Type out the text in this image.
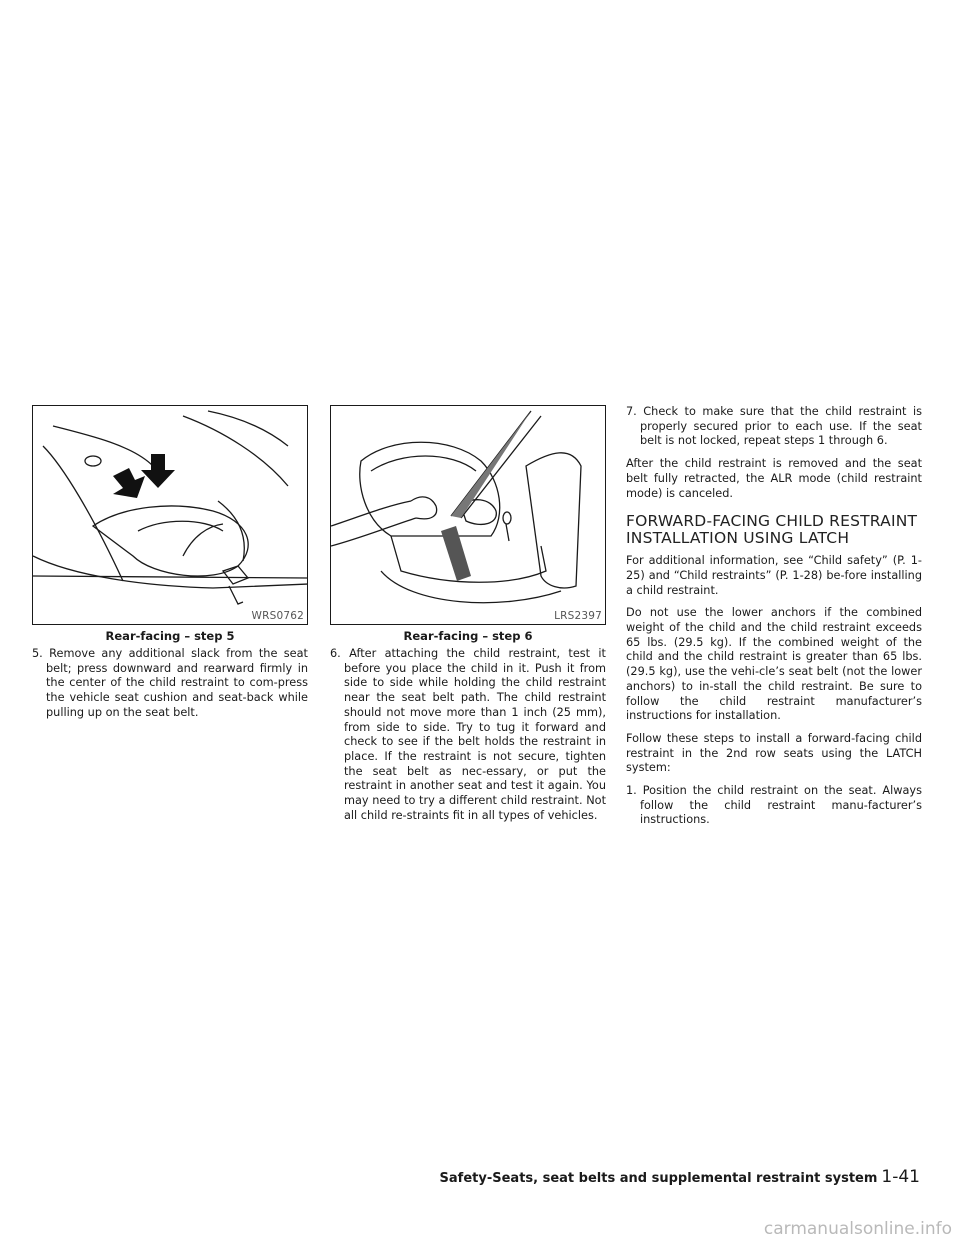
WRS0762
Rear-facing – step 5

5. Remove any additional slack from the seat belt; press downward and rearward firmly in the center of the child restraint to com-press the vehicle seat cushion and seat-back while pulling up on the seat belt.

LRS2397
Rear-facing – step 6

6. After attaching the child restraint, test it before you place the child in it. Push it from side to side while holding the child restraint near the seat belt path. The child restraint should not move more than 1 inch (25 mm), from side to side. Try to tug it forward and check to see if the belt holds the restraint in place. If the restraint is not secure, tighten the seat belt as nec-essary, or put the restraint in another seat and test it again. You may need to try a different child restraint. Not all child re-straints fit in all types of vehicles.

7. Check to make sure that the child restraint is properly secured prior to each use. If the seat belt is not locked, repeat steps 1 through 6.

After the child restraint is removed and the seat belt fully retracted, the ALR mode (child restraint mode) is canceled.

FORWARD-FACING CHILD RESTRAINT INSTALLATION USING LATCH

For additional information, see “Child safety” (P. 1-25) and “Child restraints” (P. 1-28) be-fore installing a child restraint.

Do not use the lower anchors if the combined weight of the child and the child restraint exceeds 65 lbs. (29.5 kg). If the combined weight of the child and the child restraint is greater than 65 lbs. (29.5 kg), use the vehi-cle’s seat belt (not the lower anchors) to in-stall the child restraint. Be sure to follow the child restraint manufacturer’s instructions for installation.

Follow these steps to install a forward-facing child restraint in the 2nd row seats using the LATCH system:

1. Position the child restraint on the seat. Always follow the child restraint manu-facturer’s instructions.

Safety-Seats, seat belts and supplemental restraint system 1-41
carmanualsonline.info
